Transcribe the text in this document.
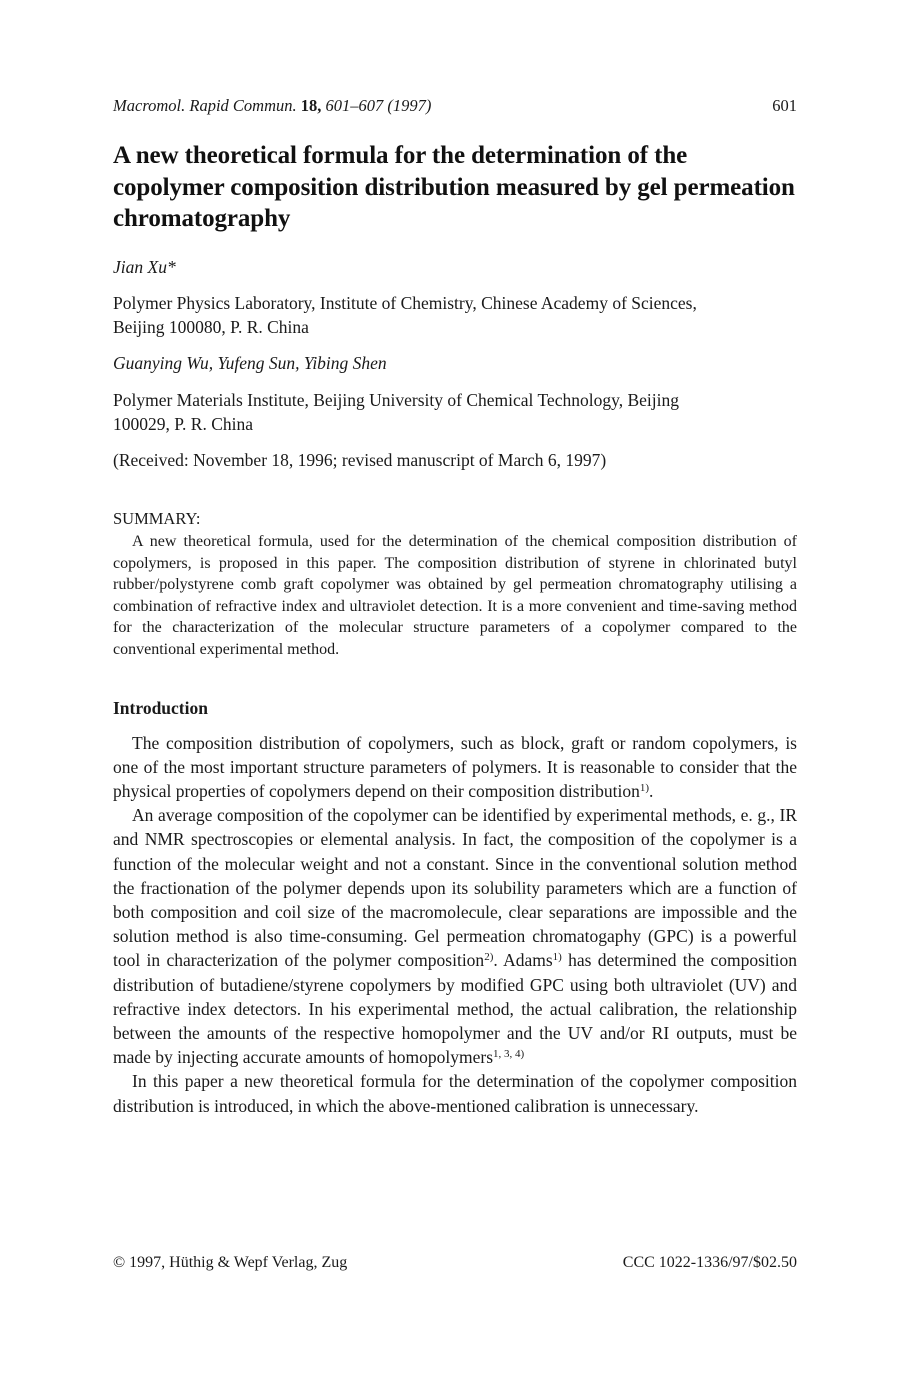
Macromol. Rapid Commun. 18, 601–607 (1997)	601
A new theoretical formula for the determination of the copolymer composition distribution measured by gel permeation chromatography
Jian Xu*
Polymer Physics Laboratory, Institute of Chemistry, Chinese Academy of Sciences,
Beijing 100080, P. R. China
Guanying Wu, Yufeng Sun, Yibing Shen
Polymer Materials Institute, Beijing University of Chemical Technology, Beijing
100029, P. R. China
(Received: November 18, 1996; revised manuscript of March 6, 1997)
SUMMARY:

A new theoretical formula, used for the determination of the chemical composition distribution of copolymers, is proposed in this paper. The composition distribution of styrene in chlorinated butyl rubber/polystyrene comb graft copolymer was obtained by gel permeation chromatography utilising a combination of refractive index and ultraviolet detection. It is a more convenient and time-saving method for the characterization of the molecular structure parameters of a copolymer compared to the conventional experimental method.

Introduction

The composition distribution of copolymers, such as block, graft or random copolymers, is one of the most important structure parameters of polymers. It is reasonable to consider that the physical properties of copolymers depend on their composition distribution$^{1)}$.

An average composition of the copolymer can be identified by experimental methods, e. g., IR and NMR spectroscopies or elemental analysis. In fact, the composition of the copolymer is a function of the molecular weight and not a constant. Since in the conventional solution method the fractionation of the polymer depends upon its solubility parameters which are a function of both composition and coil size of the macromolecule, clear separations are impossible and the solution method is also time-consuming. Gel permeation chromatogaphy (GPC) is a powerful tool in characterization of the polymer composition$^{2)}$. Adams$^{1)}$ has determined the composition distribution of butadiene/styrene copolymers by modified GPC using both ultraviolet (UV) and refractive index detectors. In his experimental method, the actual calibration, the relationship between the amounts of the respective homopolymer and the UV and/or RI outputs, must be made by injecting accurate amounts of homopolymers$^{1, 3, 4)}$

In this paper a new theoretical formula for the determination of the copolymer composition distribution is introduced, in which the above-mentioned calibration is unnecessary.

© 1997, Hüthig & Wepf Verlag, Zug	CCC 1022-1336/97/$02.50
